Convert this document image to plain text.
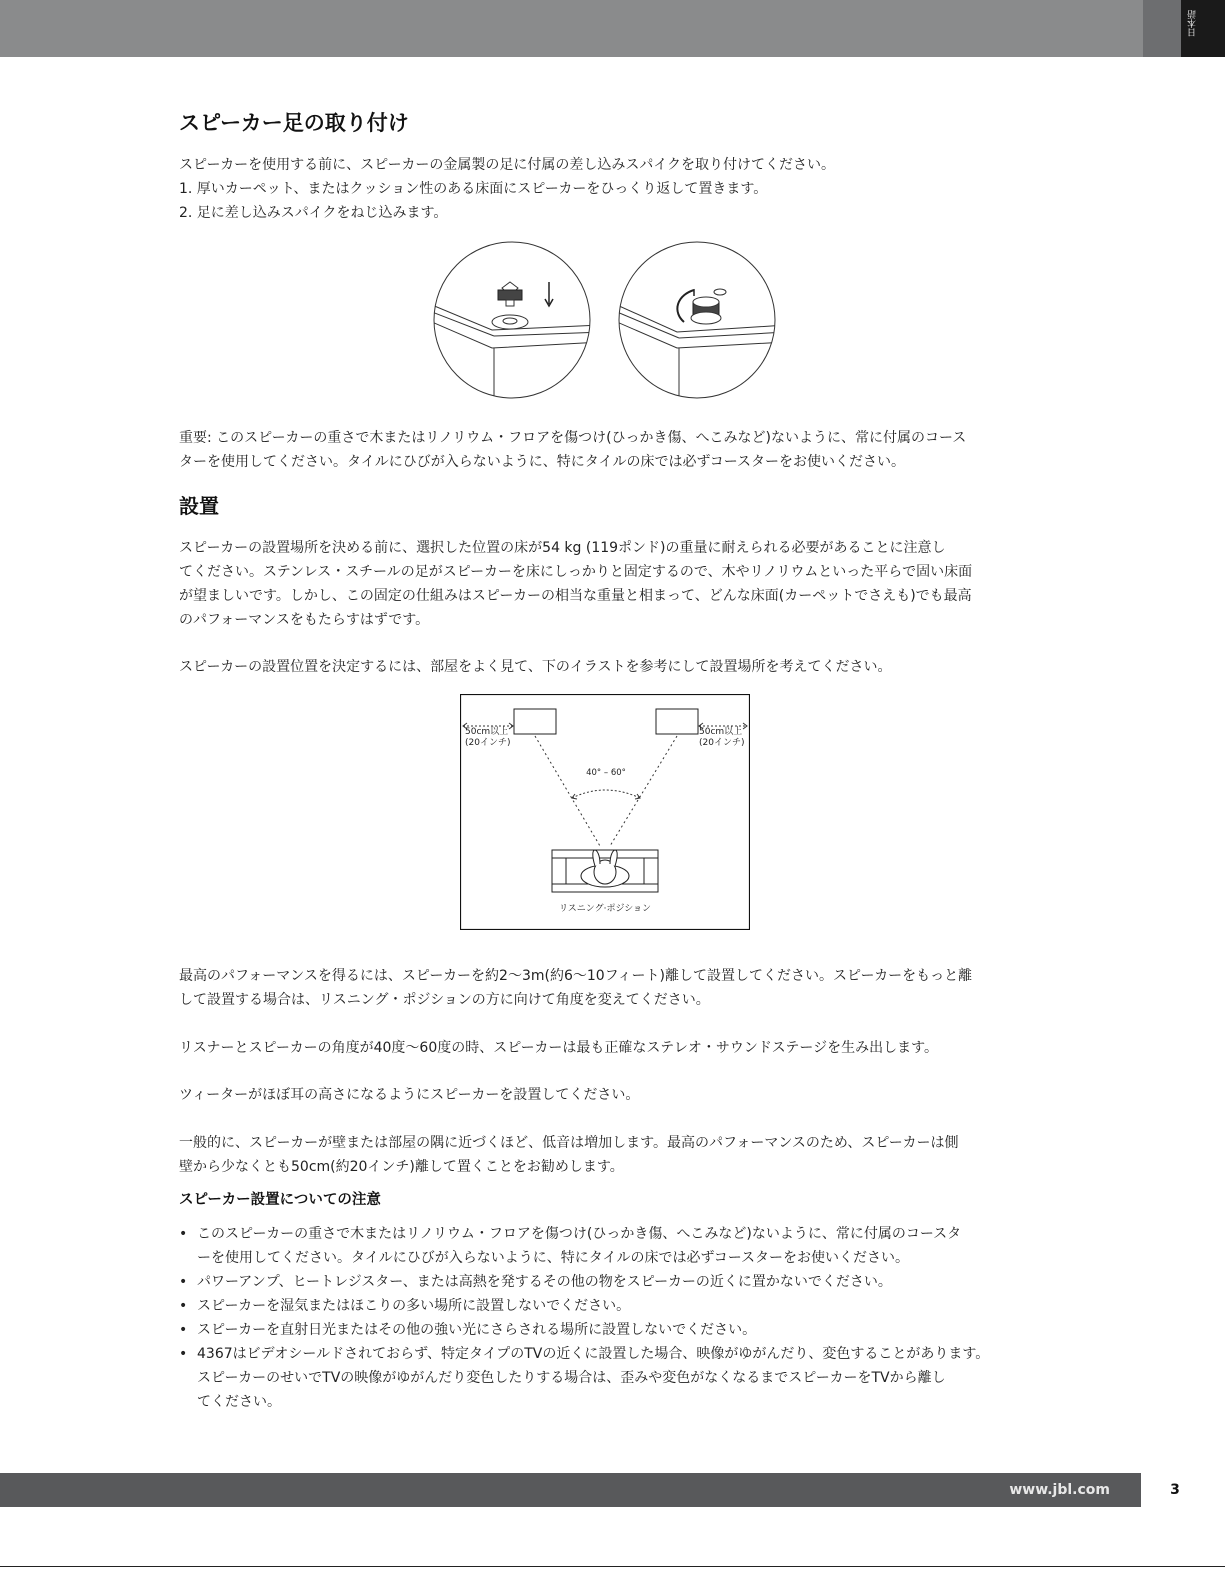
日本語
スピーカー足の取り付け
スピーカーを使用する前に、スピーカーの金属製の足に付属の差し込みスパイクを取り付けてください。
1. 厚いカーペット、またはクッション性のある床面にスピーカーをひっくり返して置きます。
2. 足に差し込みスパイクをねじ込みます。
重要: このスピーカーの重さで木またはリノリウム・フロアを傷つけ(ひっかき傷、へこみなど)ないように、常に付属のコース
ターを使用してください。タイルにひびが入らないように、特にタイルの床では必ずコースターをお使いください。
設置
スピーカーの設置場所を決める前に、選択した位置の床が54 kg (119ポンド)の重量に耐えられる必要があることに注意し
てください。ステンレス・スチールの足がスピーカーを床にしっかりと固定するので、木やリノリウムといった平らで固い床面
が望ましいです。しかし、この固定の仕組みはスピーカーの相当な重量と相まって、どんな床面(カーペットでさえも)でも最高
のパフォーマンスをもたらすはずです。
スピーカーの設置位置を決定するには、部屋をよく見て、下のイラストを参考にして設置場所を考えてください。
50cm以上
(20インチ)
50cm以上
(20インチ)
40° – 60°
リスニング·ポジション
最高のパフォーマンスを得るには、スピーカーを約2～3m(約6～10フィート)離して設置してください。スピーカーをもっと離
して設置する場合は、リスニング・ポジションの方に向けて角度を変えてください。
リスナーとスピーカーの角度が40度～60度の時、スピーカーは最も正確なステレオ・サウンドステージを生み出します。
ツィーターがほぼ耳の高さになるようにスピーカーを設置してください。
一般的に、スピーカーが壁または部屋の隅に近づくほど、低音は増加します。最高のパフォーマンスのため、スピーカーは側
壁から少なくとも50cm(約20インチ)離して置くことをお勧めします。
スピーカー設置についての注意
• このスピーカーの重さで木またはリノリウム・フロアを傷つけ(ひっかき傷、へこみなど)ないように、常に付属のコースタ
ーを使用してください。タイルにひびが入らないように、特にタイルの床では必ずコースターをお使いください。
• パワーアンプ、ヒートレジスター、または高熱を発するその他の物をスピーカーの近くに置かないでください。
• スピーカーを湿気またはほこりの多い場所に設置しないでください。
• スピーカーを直射日光またはその他の強い光にさらされる場所に設置しないでください。
• 4367はビデオシールドされておらず、特定タイプのTVの近くに設置した場合、映像がゆがんだり、変色することがあります。
スピーカーのせいでTVの映像がゆがんだり変色したりする場合は、歪みや変色がなくなるまでスピーカーをTVから離し
てください。
www.jbl.com	3
